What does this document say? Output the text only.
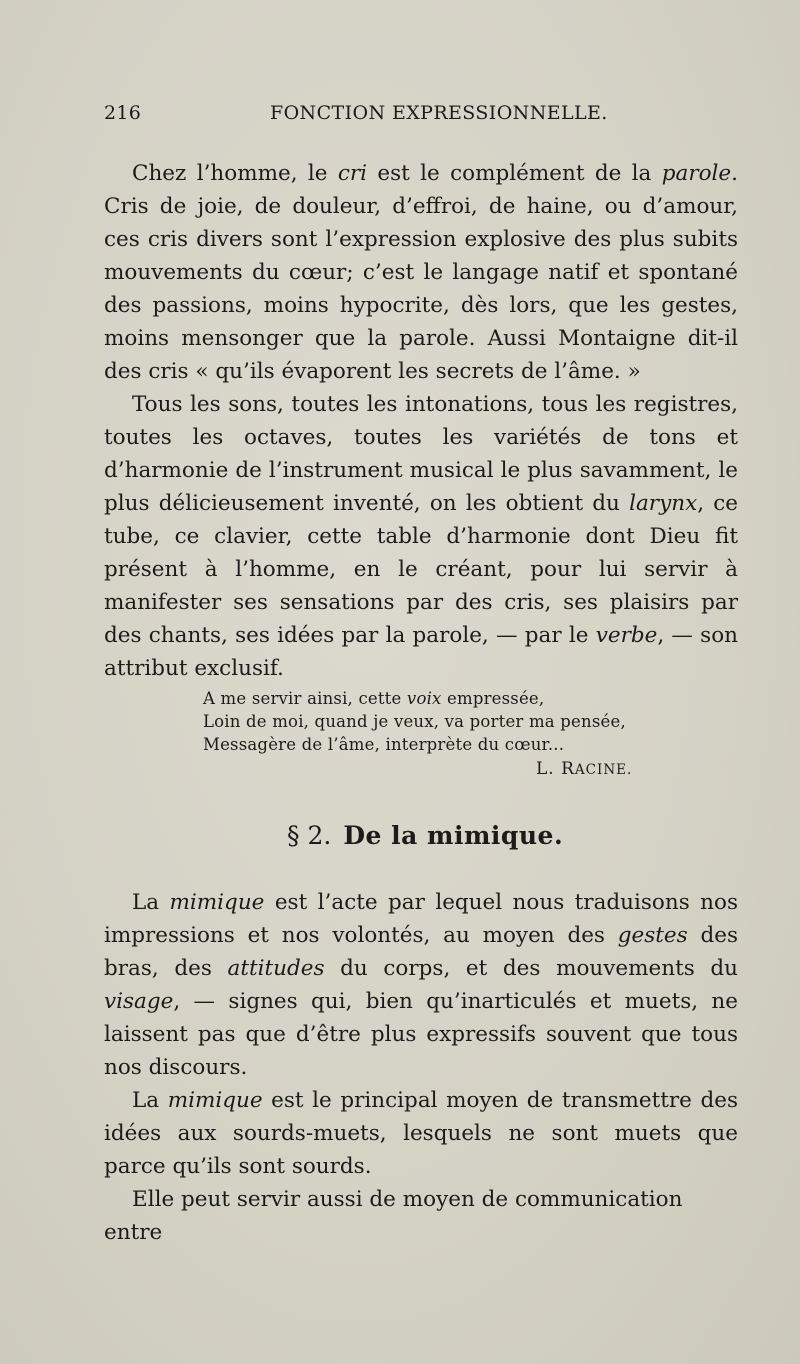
216	FONCTION EXPRESSIONNELLE.

Chez l’homme, le cri est le complément de la parole. Cris de joie, de douleur, d’effroi, de haine, ou d’amour, ces cris divers sont l’expression explosive des plus subits mouvements du cœur; c’est le langage natif et spontané des passions, moins hypocrite, dès lors, que les gestes, moins mensonger que la parole. Aussi Montaigne dit-il des cris « qu’ils évaporent les secrets de l’âme. »

Tous les sons, toutes les intonations, tous les registres, toutes les octaves, toutes les variétés de tons et d’harmonie de l’instrument musical le plus savamment, le plus délicieusement inventé, on les obtient du larynx, ce tube, ce clavier, cette table d’harmonie dont Dieu fit présent à l’homme, en le créant, pour lui servir à manifester ses sensations par des cris, ses plaisirs par des chants, ses idées par la parole, — par le verbe, — son attribut exclusif.

A me servir ainsi, cette voix empressée,
Loin de moi, quand je veux, va porter ma pensée,
Messagère de l’âme, interprète du cœur...
L. RACINE.
§ 2. De la mimique.

La mimique est l’acte par lequel nous traduisons nos impressions et nos volontés, au moyen des gestes des bras, des attitudes du corps, et des mouvements du visage, — signes qui, bien qu’inarticulés et muets, ne laissent pas que d’être plus expressifs souvent que tous nos discours.

La mimique est le principal moyen de transmettre des idées aux sourds-muets, lesquels ne sont muets que parce qu’ils sont sourds.

Elle peut servir aussi de moyen de communication entre
